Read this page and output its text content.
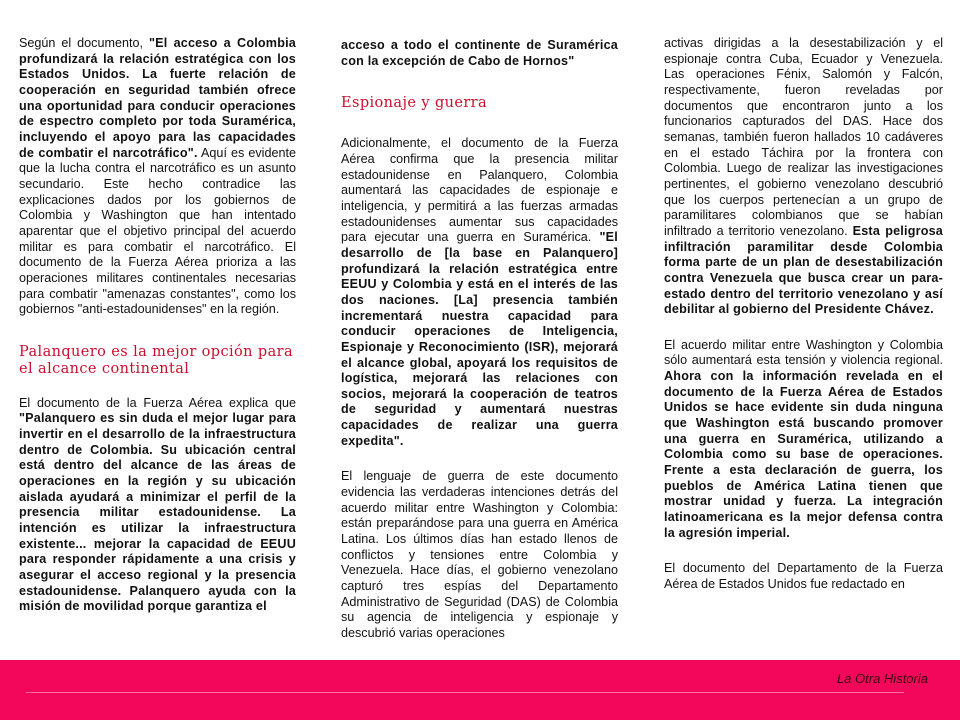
Según el documento, "El acceso a Colombia profundizará la relación estratégica con los Estados Unidos. La fuerte relación de cooperación en seguridad también ofrece una oportunidad para conducir operaciones de espectro completo por toda Suramérica, incluyendo el apoyo para las capacidades de combatir el narcotráfico". Aquí es evidente que la lucha contra el narcotráfico es un asunto secundario. Este hecho contradice las explicaciones dados por los gobiernos de Colombia y Washington que han intentado aparentar que el objetivo principal del acuerdo militar es para combatir el narcotráfico. El documento de la Fuerza Aérea prioriza a las operaciones militares continentales necesarias para combatir "amenazas constantes", como los gobiernos "anti-estadounidenses" en la región.

Palanquero es la mejor opción para el alcance continental

El documento de la Fuerza Aérea explica que "Palanquero es sin duda el mejor lugar para invertir en el desarrollo de la infraestructura dentro de Colombia. Su ubicación central está dentro del alcance de las áreas de operaciones en la región y su ubicación aislada ayudará a minimizar el perfil de la presencia militar estadounidense. La intención es utilizar la infraestructura existente... mejorar la capacidad de EEUU para responder rápidamente a una crisis y asegurar el acceso regional y la presencia estadounidense. Palanquero ayuda con la misión de movilidad porque garantiza el

acceso a todo el continente de Suramérica con la excepción de Cabo de Hornos"

Espionaje y guerra

Adicionalmente, el documento de la Fuerza Aérea confirma que la presencia militar estadounidense en Palanquero, Colombia aumentará las capacidades de espionaje e inteligencia, y permitirá a las fuerzas armadas estadounidenses aumentar sus capacidades para ejecutar una guerra en Suramérica. "El desarrollo de [la base en Palanquero] profundizará la relación estratégica entre EEUU y Colombia y está en el interés de las dos naciones. [La] presencia también incrementará nuestra capacidad para conducir operaciones de Inteligencia, Espionaje y Reconocimiento (ISR), mejorará el alcance global, apoyará los requisitos de logística, mejorará las relaciones con socios, mejorará la cooperación de teatros de seguridad y aumentará nuestras capacidades de realizar una guerra expedita".

El lenguaje de guerra de este documento evidencia las verdaderas intenciones detrás del acuerdo militar entre Washington y Colombia: están preparándose para una guerra en América Latina. Los últimos días han estado llenos de conflictos y tensiones entre Colombia y Venezuela. Hace días, el gobierno venezolano capturó tres espías del Departamento Administrativo de Seguridad (DAS) de Colombia su agencia de inteligencia y espionaje y descubrió varias operaciones

activas dirigidas a la desestabilización y el espionaje contra Cuba, Ecuador y Venezuela. Las operaciones Fénix, Salomón y Falcón, respectivamente, fueron reveladas por documentos que encontraron junto a los funcionarios capturados del DAS. Hace dos semanas, también fueron hallados 10 cadáveres en el estado Táchira por la frontera con Colombia. Luego de realizar las investigaciones pertinentes, el gobierno venezolano descubrió que los cuerpos pertenecían a un grupo de paramilitares colombianos que se habían infiltrado a territorio venezolano. Esta peligrosa infiltración paramilitar desde Colombia forma parte de un plan de desestabilización contra Venezuela que busca crear un para-estado dentro del territorio venezolano y así debilitar al gobierno del Presidente Chávez.

El acuerdo militar entre Washington y Colombia sólo aumentará esta tensión y violencia regional. Ahora con la información revelada en el documento de la Fuerza Aérea de Estados Unidos se hace evidente sin duda ninguna que Washington está buscando promover una guerra en Suramérica, utilizando a Colombia como su base de operaciones. Frente a esta declaración de guerra, los pueblos de América Latina tienen que mostrar unidad y fuerza. La integración latinoamericana es la mejor defensa contra la agresión imperial.

El documento del Departamento de la Fuerza Aérea de Estados Unidos fue redactado en

La Otra Historia
